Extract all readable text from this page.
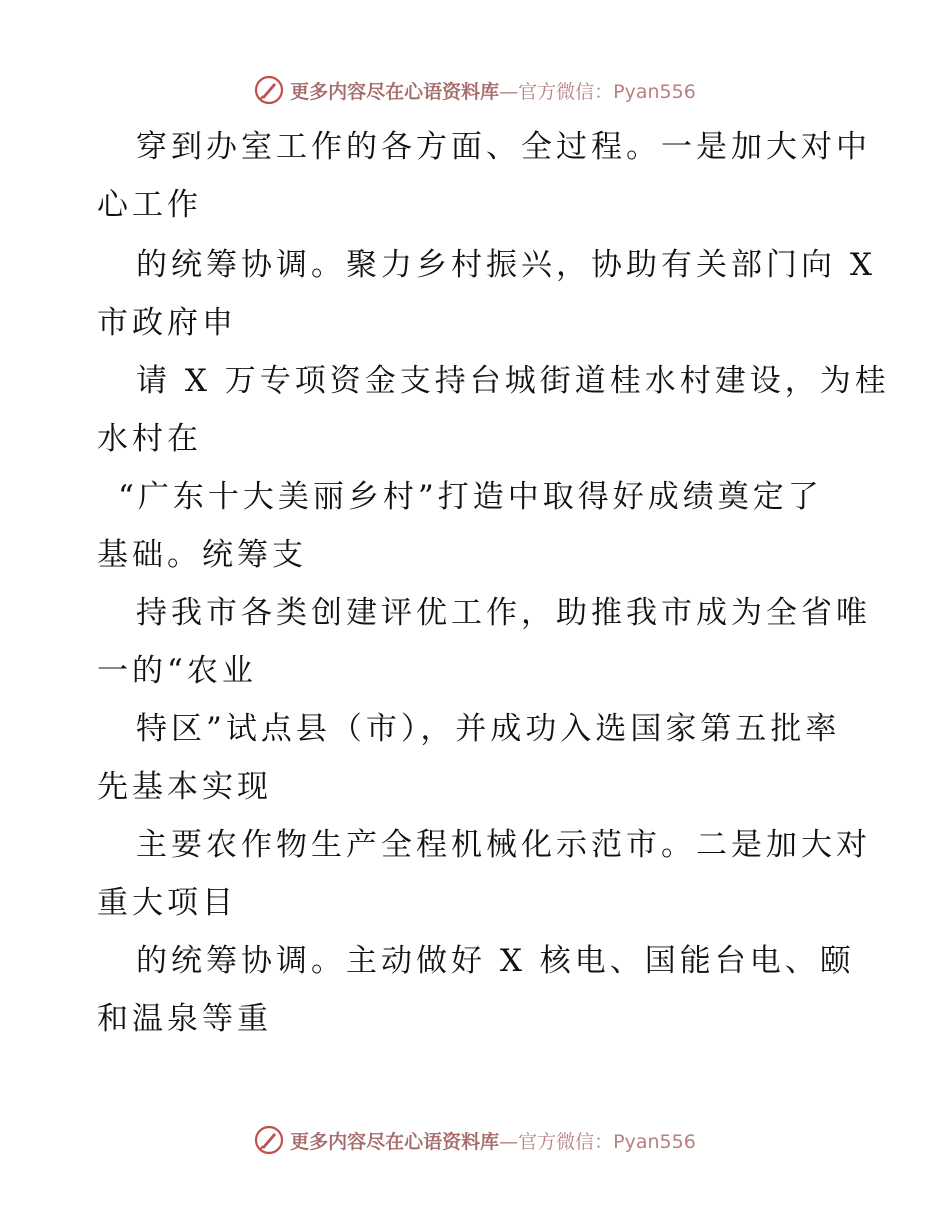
更多内容尽在心语资料库—官方微信：Pyan556
穿到办室工作的各方面、全过程。一是加大对中
心工作
的统筹协调。聚力乡村振兴，协助有关部门向 X
市政府申
请 X 万专项资金支持台城街道桂水村建设，为桂
水村在
“广东十大美丽乡村”打造中取得好成绩奠定了
基础。统筹支
持我市各类创建评优工作，助推我市成为全省唯
一的“农业
特区”试点县（市），并成功入选国家第五批率
先基本实现
主要农作物生产全程机械化示范市。二是加大对
重大项目
的统筹协调。主动做好 X 核电、国能台电、颐
和温泉等重
更多内容尽在心语资料库—官方微信：Pyan556
